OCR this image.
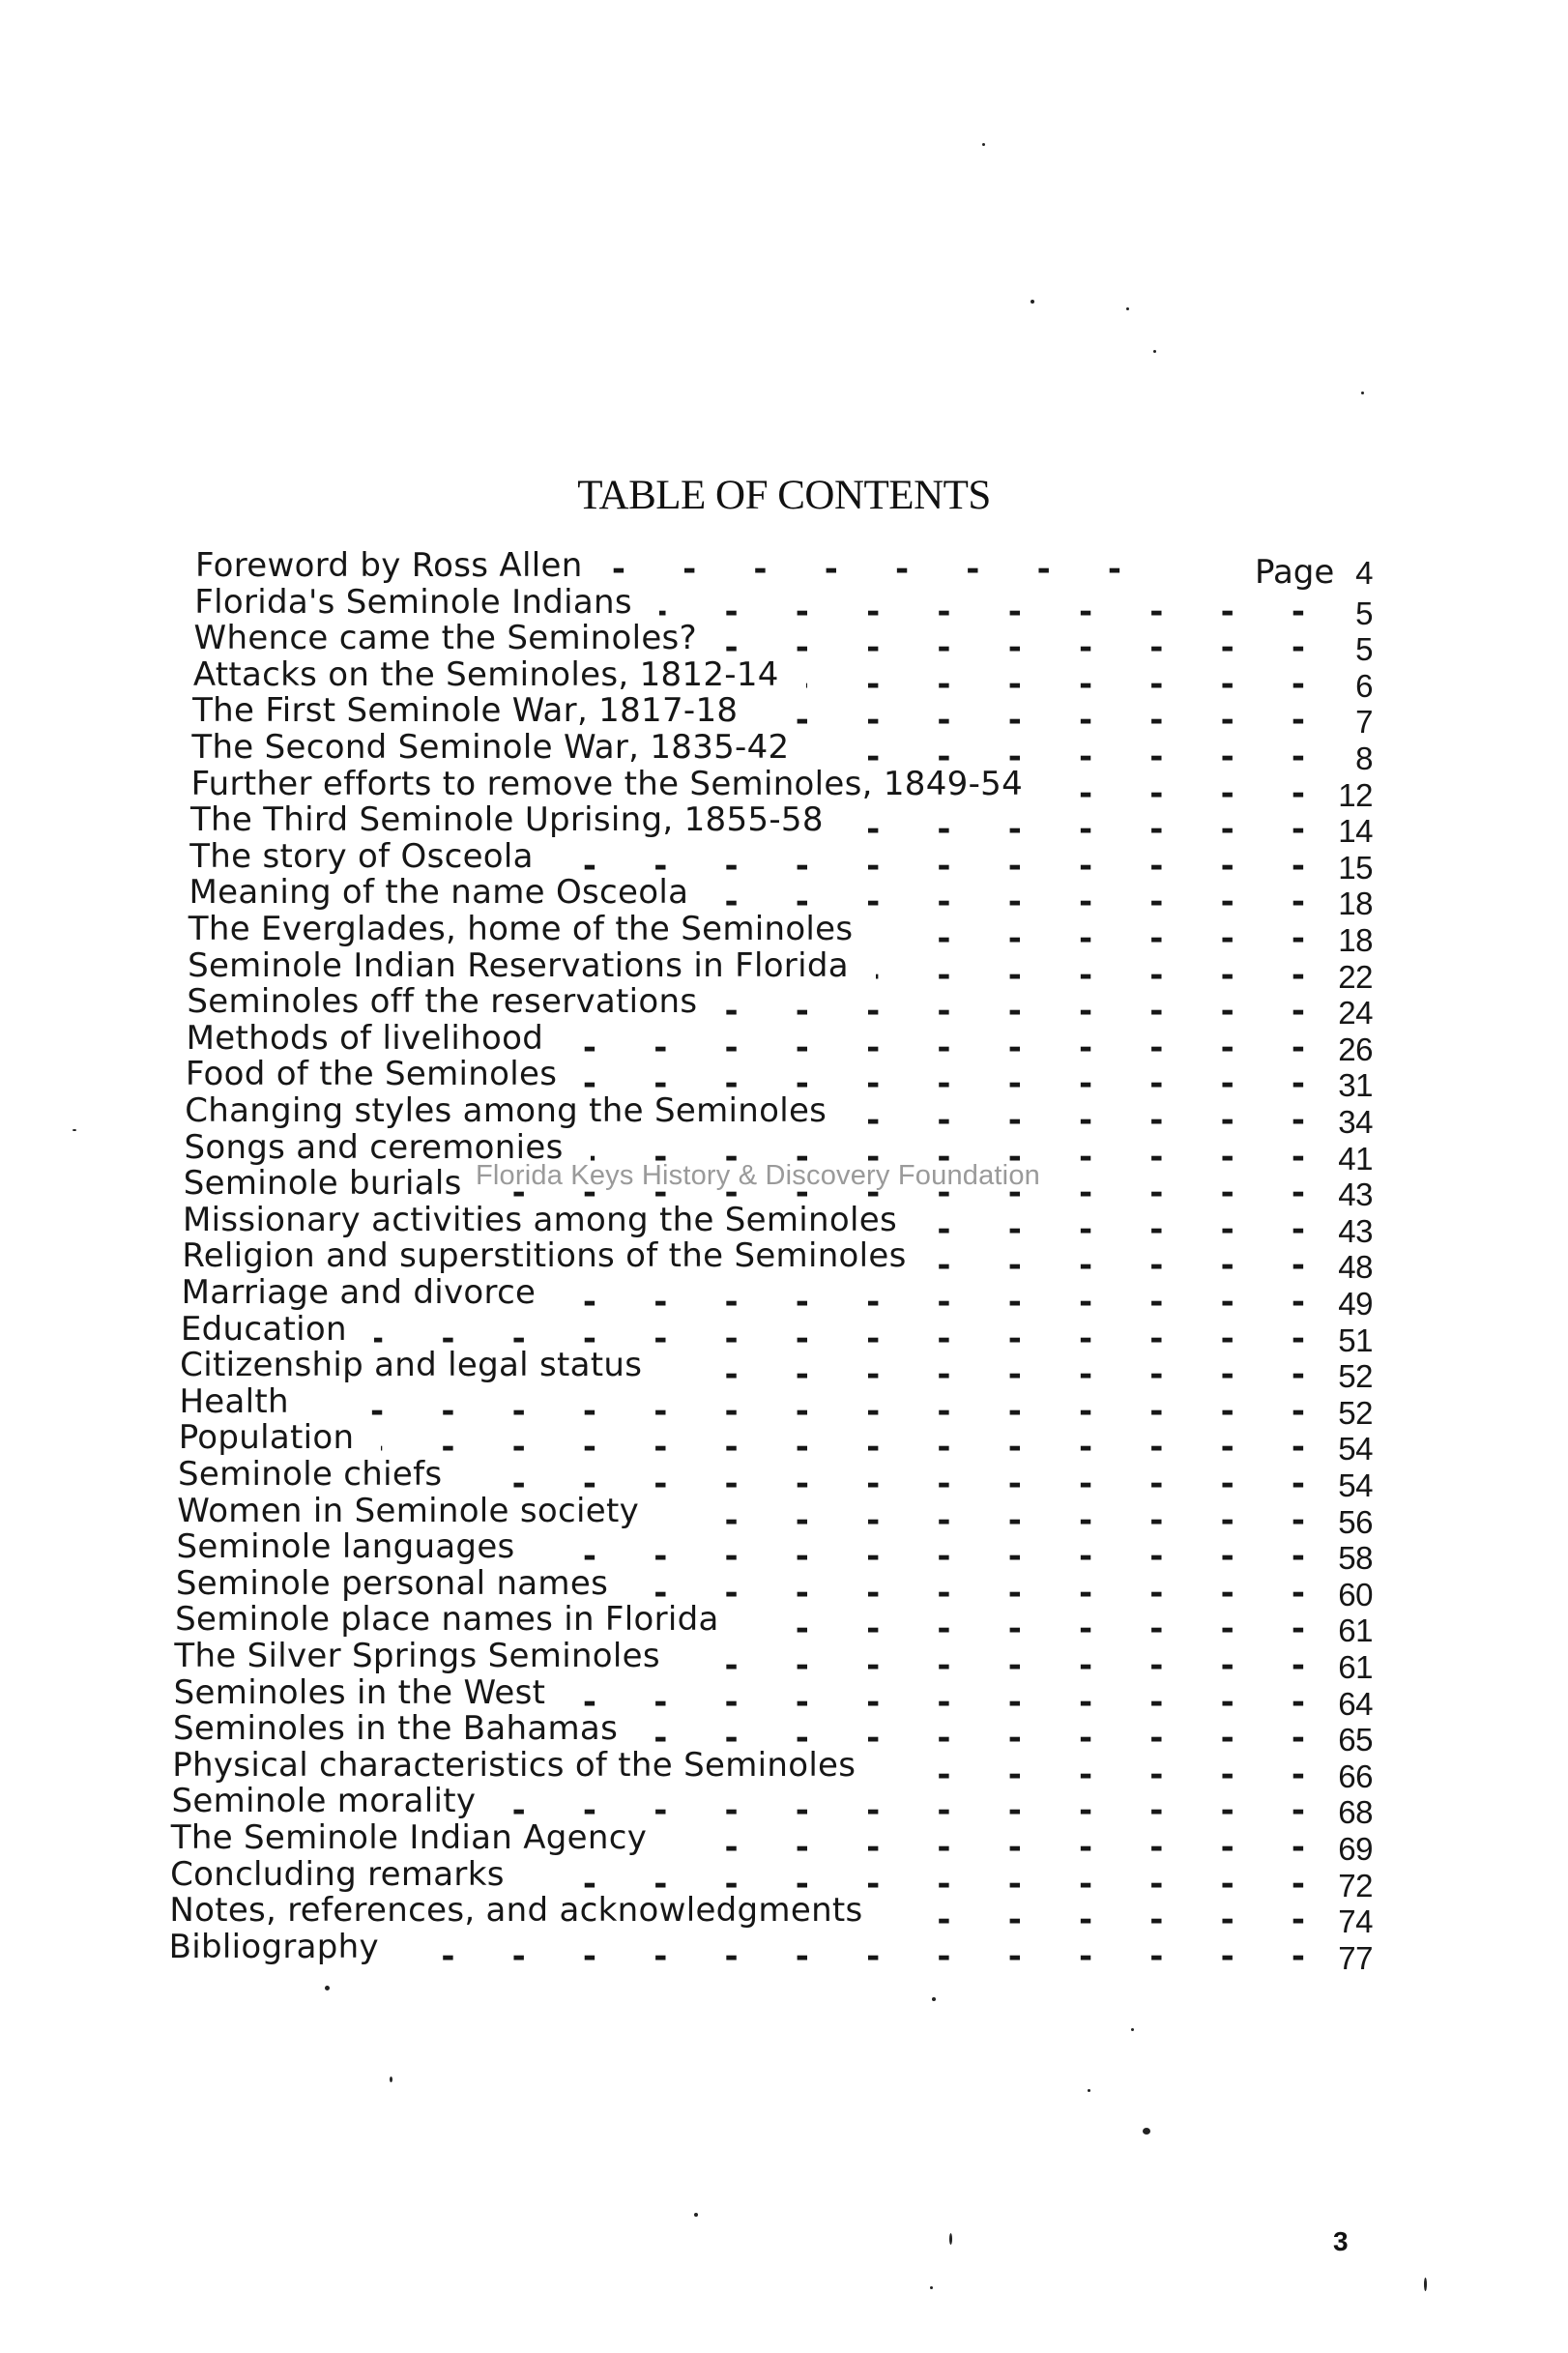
TABLE OF CONTENTS
Page
Foreword by Ross Allen	4
-
Florida's Seminole Indians	5
-
Whence came the Seminoles?	5
-
Attacks on the Seminoles, 1812-14	6
-
The First Seminole War, 1817-18	7
-
The Second Seminole War, 1835-42	8
-
Further efforts to remove the Seminoles, 1849-54	12
-
The Third Seminole Uprising, 1855-58	14
-
The story of Osceola	15
-
Meaning of the name Osceola	18
-
The Everglades, home of the Seminoles	18
-
Seminole Indian Reservations in Florida	22
-
Seminoles off the reservations	24
-
Methods of livelihood	26
-
Food of the Seminoles	31
-
Changing styles among the Seminoles	34
-
Songs and ceremonies	41
-
Seminole burials	43
-
Missionary activities among the Seminoles	43
-
Religion and superstitions of the Seminoles	48
-
Marriage and divorce	49
-
Education	51
-
Citizenship and legal status	52
-
Health	52
-
Population	54
-
Seminole chiefs	54
-
Women in Seminole society	56
-
Seminole languages	58
-
Seminole personal names	60
-
Seminole place names in Florida	61
-
The Silver Springs Seminoles	61
-
Seminoles in the West	64
-
Seminoles in the Bahamas	65
-
Physical characteristics of the Seminoles	66
-
Seminole morality	68
-
The Seminole Indian Agency	69
-
Concluding remarks	72
-
Notes, references, and acknowledgments	74
-
Bibliography	77
-
Florida Keys History & Discovery Foundation
3
